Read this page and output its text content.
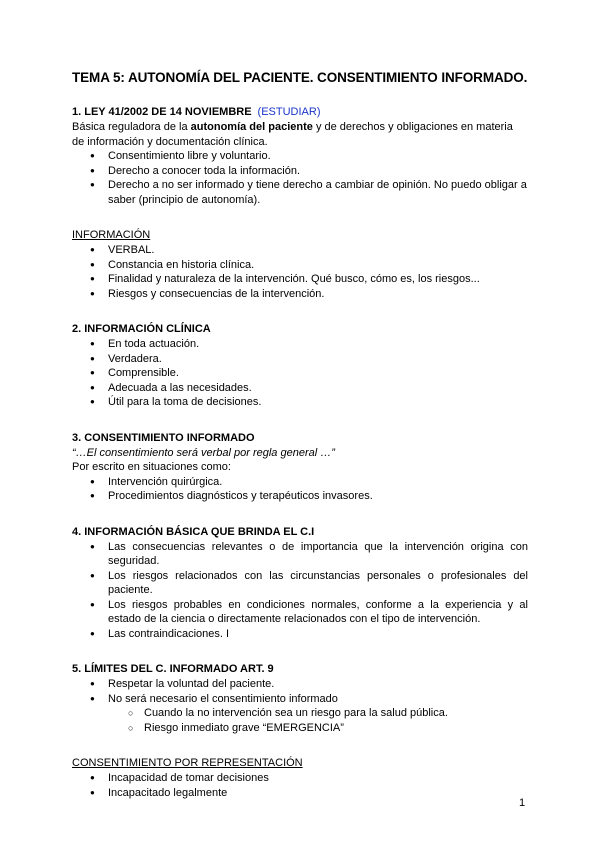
TEMA 5: AUTONOMÍA DEL PACIENTE. CONSENTIMIENTO INFORMADO.
1. LEY 41/2002 DE 14 NOVIEMBRE (ESTUDIAR)

Básica reguladora de la autonomía del paciente y de derechos y obligaciones en materia de información y documentación clínica.

● Consentimiento libre y voluntario.
● Derecho a conocer toda la información.
● Derecho a no ser informado y tiene derecho a cambiar de opinión. No puedo obligar a saber (principio de autonomía).
INFORMACIÓN
● VERBAL.
● Constancia en historia clínica.
● Finalidad y naturaleza de la intervención. Qué busco, cómo es, los riesgos...
● Riesgos y consecuencias de la intervención.
2. INFORMACIÓN CLÍNICA
● En toda actuación.
● Verdadera.
● Comprensible.
● Adecuada a las necesidades.
● Útil para la toma de decisiones.
3. CONSENTIMIENTO INFORMADO

“…El consentimiento será verbal por regla general …”

Por escrito en situaciones como:

● Intervención quirúrgica.
● Procedimientos diagnósticos y terapéuticos invasores.
4. INFORMACIÓN BÁSICA QUE BRINDA EL C.I
● Las consecuencias relevantes o de importancia que la intervención origina con seguridad.
● Los riesgos relacionados con las circunstancias personales o profesionales del paciente.
● Los riesgos probables en condiciones normales, conforme a la experiencia y al estado de la ciencia o directamente relacionados con el tipo de intervención.
● Las contraindicaciones. I
5. LÍMITES DEL C. INFORMADO ART. 9
● Respetar la voluntad del paciente.
● No será necesario el consentimiento informado
○ Cuando la no intervención sea un riesgo para la salud pública.
○ Riesgo inmediato grave “EMERGENCIA”
CONSENTIMIENTO POR REPRESENTACIÓN
● Incapacidad de tomar decisiones
● Incapacitado legalmente
1
